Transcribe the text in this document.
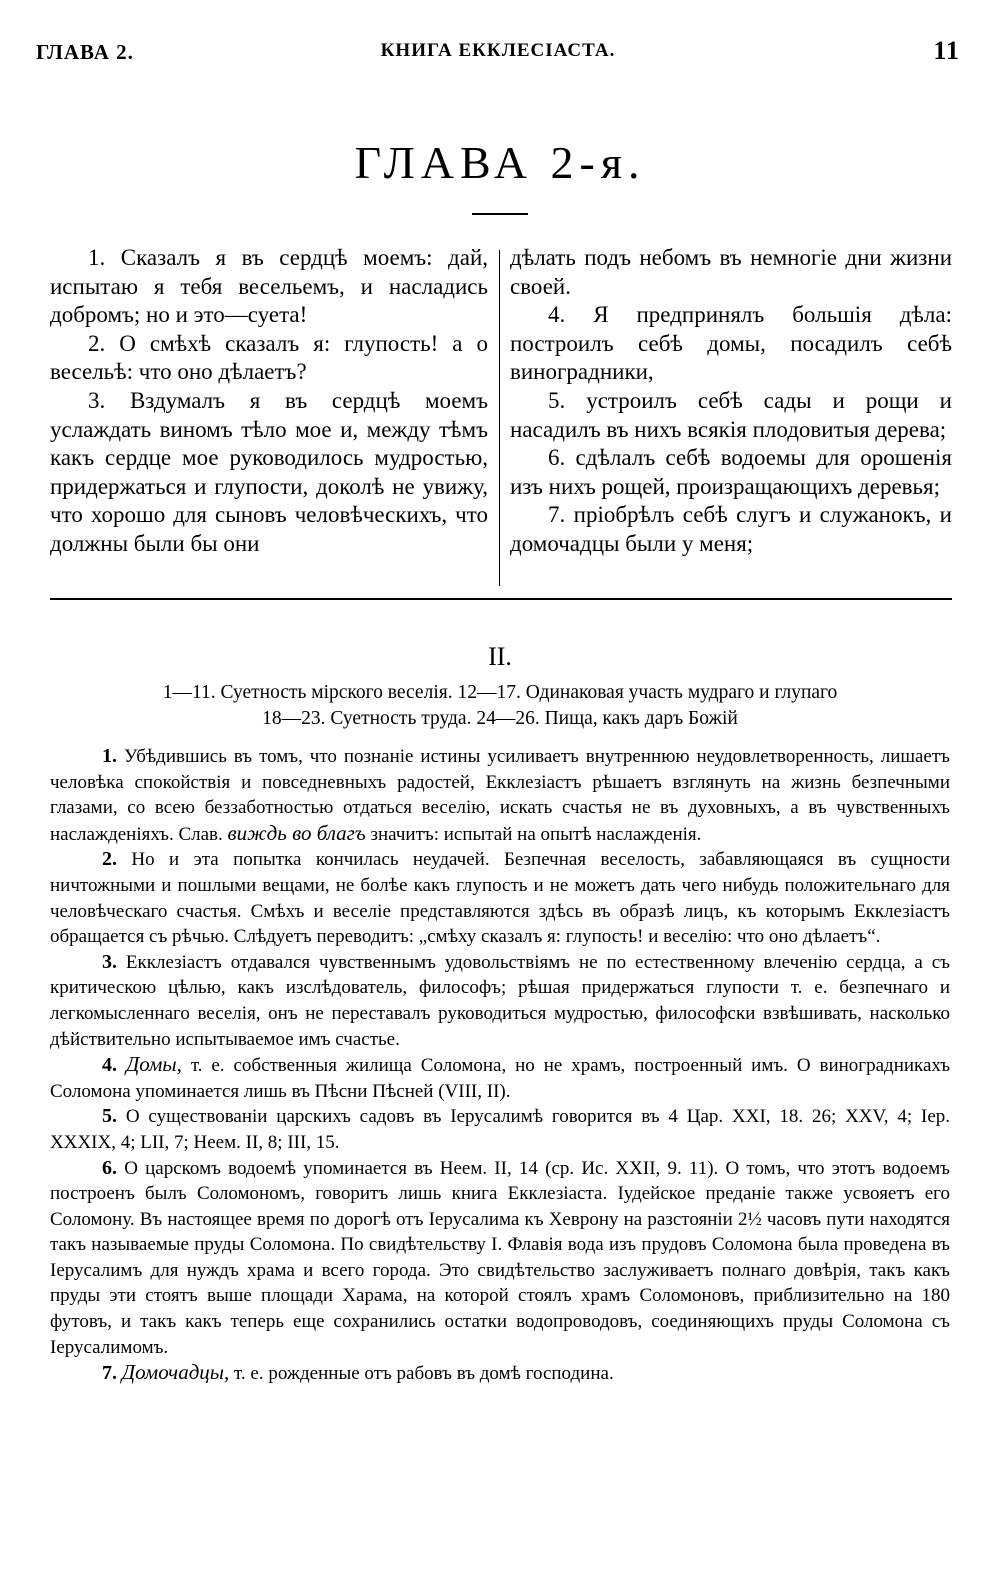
ГЛАВА 2.	КНИГА ЕККЛЕСІАСТА.	11
ГЛАВА 2-я.

1. Сказалъ я въ сердцѣ моемъ: дай, испытаю я тебя весельемъ, и насладись добромъ; но и это—суета!

2. О смѣхѣ сказалъ я: глупость! а о весельѣ: что оно дѣлаетъ?

3. Вздумалъ я въ сердцѣ моемъ услаждать виномъ тѣло мое и, между тѣмъ какъ сердце мое руководилось мудростью, придержаться и глупости, доколѣ не увижу, что хорошо для сыновъ человѣческихъ, что должны были бы они

дѣлать подъ небомъ въ немногіе дни жизни своей.

4. Я предпринялъ большія дѣла: построилъ себѣ домы, посадилъ себѣ виноградники,

5. устроилъ себѣ сады и рощи и насадилъ въ нихъ всякія плодовитыя дерева;

6. сдѣлалъ себѣ водоемы для орошенія изъ нихъ рощей, произращающихъ деревья;

7. пріобрѣлъ себѣ слугъ и служанокъ, и домочадцы были у меня;

II.
1—11. Суетность мірского веселія. 12—17. Одинаковая участь мудраго и глупаго
18—23. Суетность труда. 24—26. Пища, какъ даръ Божій

1. Убѣдившись въ томъ, что познаніе истины усиливаетъ внутреннюю неудовлетворенность, лишаетъ человѣка спокойствія и повседневныхъ радостей, Екклезіастъ рѣшаетъ взглянуть на жизнь безпечными глазами, со всею беззаботностью отдаться веселію, искать счастья не въ духовныхъ, а въ чувственныхъ наслажденіяхъ. Слав. виждь во благъ значитъ: испытай на опытѣ наслажденія.

2. Но и эта попытка кончилась неудачей. Безпечная веселость, забавляющаяся въ сущности ничтожными и пошлыми вещами, не болѣе какъ глупость и не можетъ дать чего нибудь положительнаго для человѣческаго счастья. Смѣхъ и веселіе представляются здѣсь въ образѣ лицъ, къ которымъ Екклезіастъ обращается съ рѣчью. Слѣдуетъ переводитъ: „смѣху сказалъ я: глупость! и веселію: что оно дѣлаетъ“.

3. Екклезіастъ отдавался чувственнымъ удовольствіямъ не по естественному влеченію сердца, а съ критическою цѣлью, какъ изслѣдователь, философъ; рѣшая придержаться глупости т. е. безпечнаго и легкомысленнаго веселія, онъ не переставалъ руководиться мудростью, философски взвѣшивать, насколько дѣйствительно испытываемое имъ счастье.

4. Домы, т. е. собственныя жилища Соломона, но не храмъ, построенный имъ. О виноградникахъ Соломона упоминается лишь въ Пѣсни Пѣсней (VIII, II).

5. О существованіи царскихъ садовъ въ Іерусалимѣ говорится въ 4 Цар. XXI, 18. 26; XXV, 4; Іер. XXXIX, 4; LII, 7; Неем. II, 8; III, 15.

6. О царскомъ водоемѣ упоминается въ Неем. II, 14 (ср. Ис. XXII, 9. 11). О томъ, что этотъ водоемъ построенъ былъ Соломономъ, говоритъ лишь книга Екклезіаста. Іудейское преданіе также усвояетъ его Соломону. Въ настоящее время по дорогѣ отъ Іерусалима къ Хеврону на разстояніи 2½ часовъ пути находятся такъ называемые пруды Соломона. По свидѣтельству І. Флавія вода изъ прудовъ Соломона была проведена въ Іерусалимъ для нуждъ храма и всего города. Это свидѣтельство заслуживаетъ полнаго довѣрія, такъ какъ пруды эти стоятъ выше площади Харама, на которой стоялъ храмъ Соломоновъ, приблизительно на 180 футовъ, и такъ какъ теперь еще сохранились остатки водопроводовъ, соединяющихъ пруды Соломона съ Іерусалимомъ.

7. Домочадцы, т. е. рожденные отъ рабовъ въ домѣ господина.
